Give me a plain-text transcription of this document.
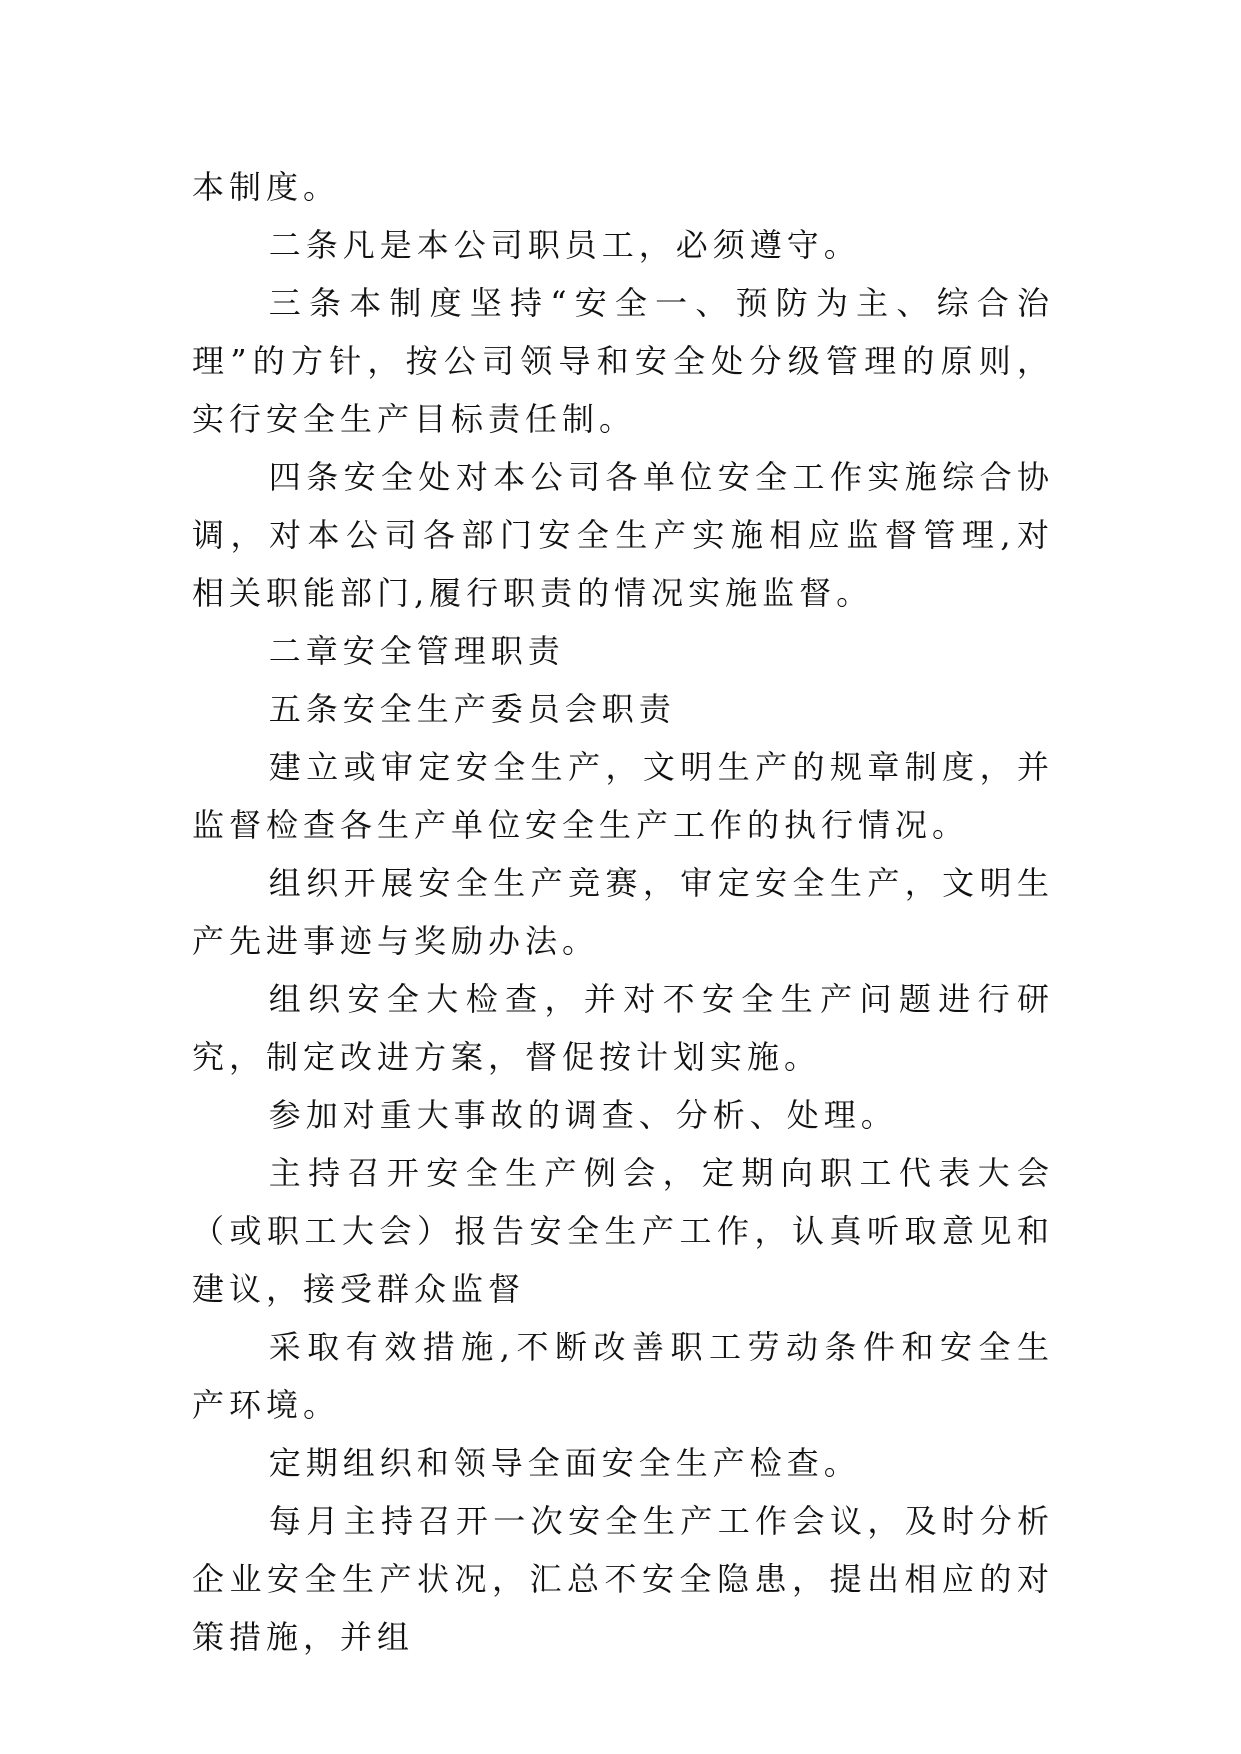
本制度。

二条凡是本公司职员工，必须遵守。

三条本制度坚持“安全一、预防为主、综合治理”的方针，按公司领导和安全处分级管理的原则，实行安全生产目标责任制。

四条安全处对本公司各单位安全工作实施综合协调，对本公司各部门安全生产实施相应监督管理,对相关职能部门,履行职责的情况实施监督。

二章安全管理职责

五条安全生产委员会职责

建立或审定安全生产，文明生产的规章制度，并监督检查各生产单位安全生产工作的执行情况。

组织开展安全生产竞赛，审定安全生产，文明生产先进事迹与奖励办法。

组织安全大检查，并对不安全生产问题进行研究，制定改进方案，督促按计划实施。

参加对重大事故的调查、分析、处理。

主持召开安全生产例会，定期向职工代表大会（或职工大会）报告安全生产工作，认真听取意见和建议，接受群众监督

采取有效措施,不断改善职工劳动条件和安全生产环境。

定期组织和领导全面安全生产检查。

每月主持召开一次安全生产工作会议，及时分析企业安全生产状况，汇总不安全隐患，提出相应的对策措施，并组
